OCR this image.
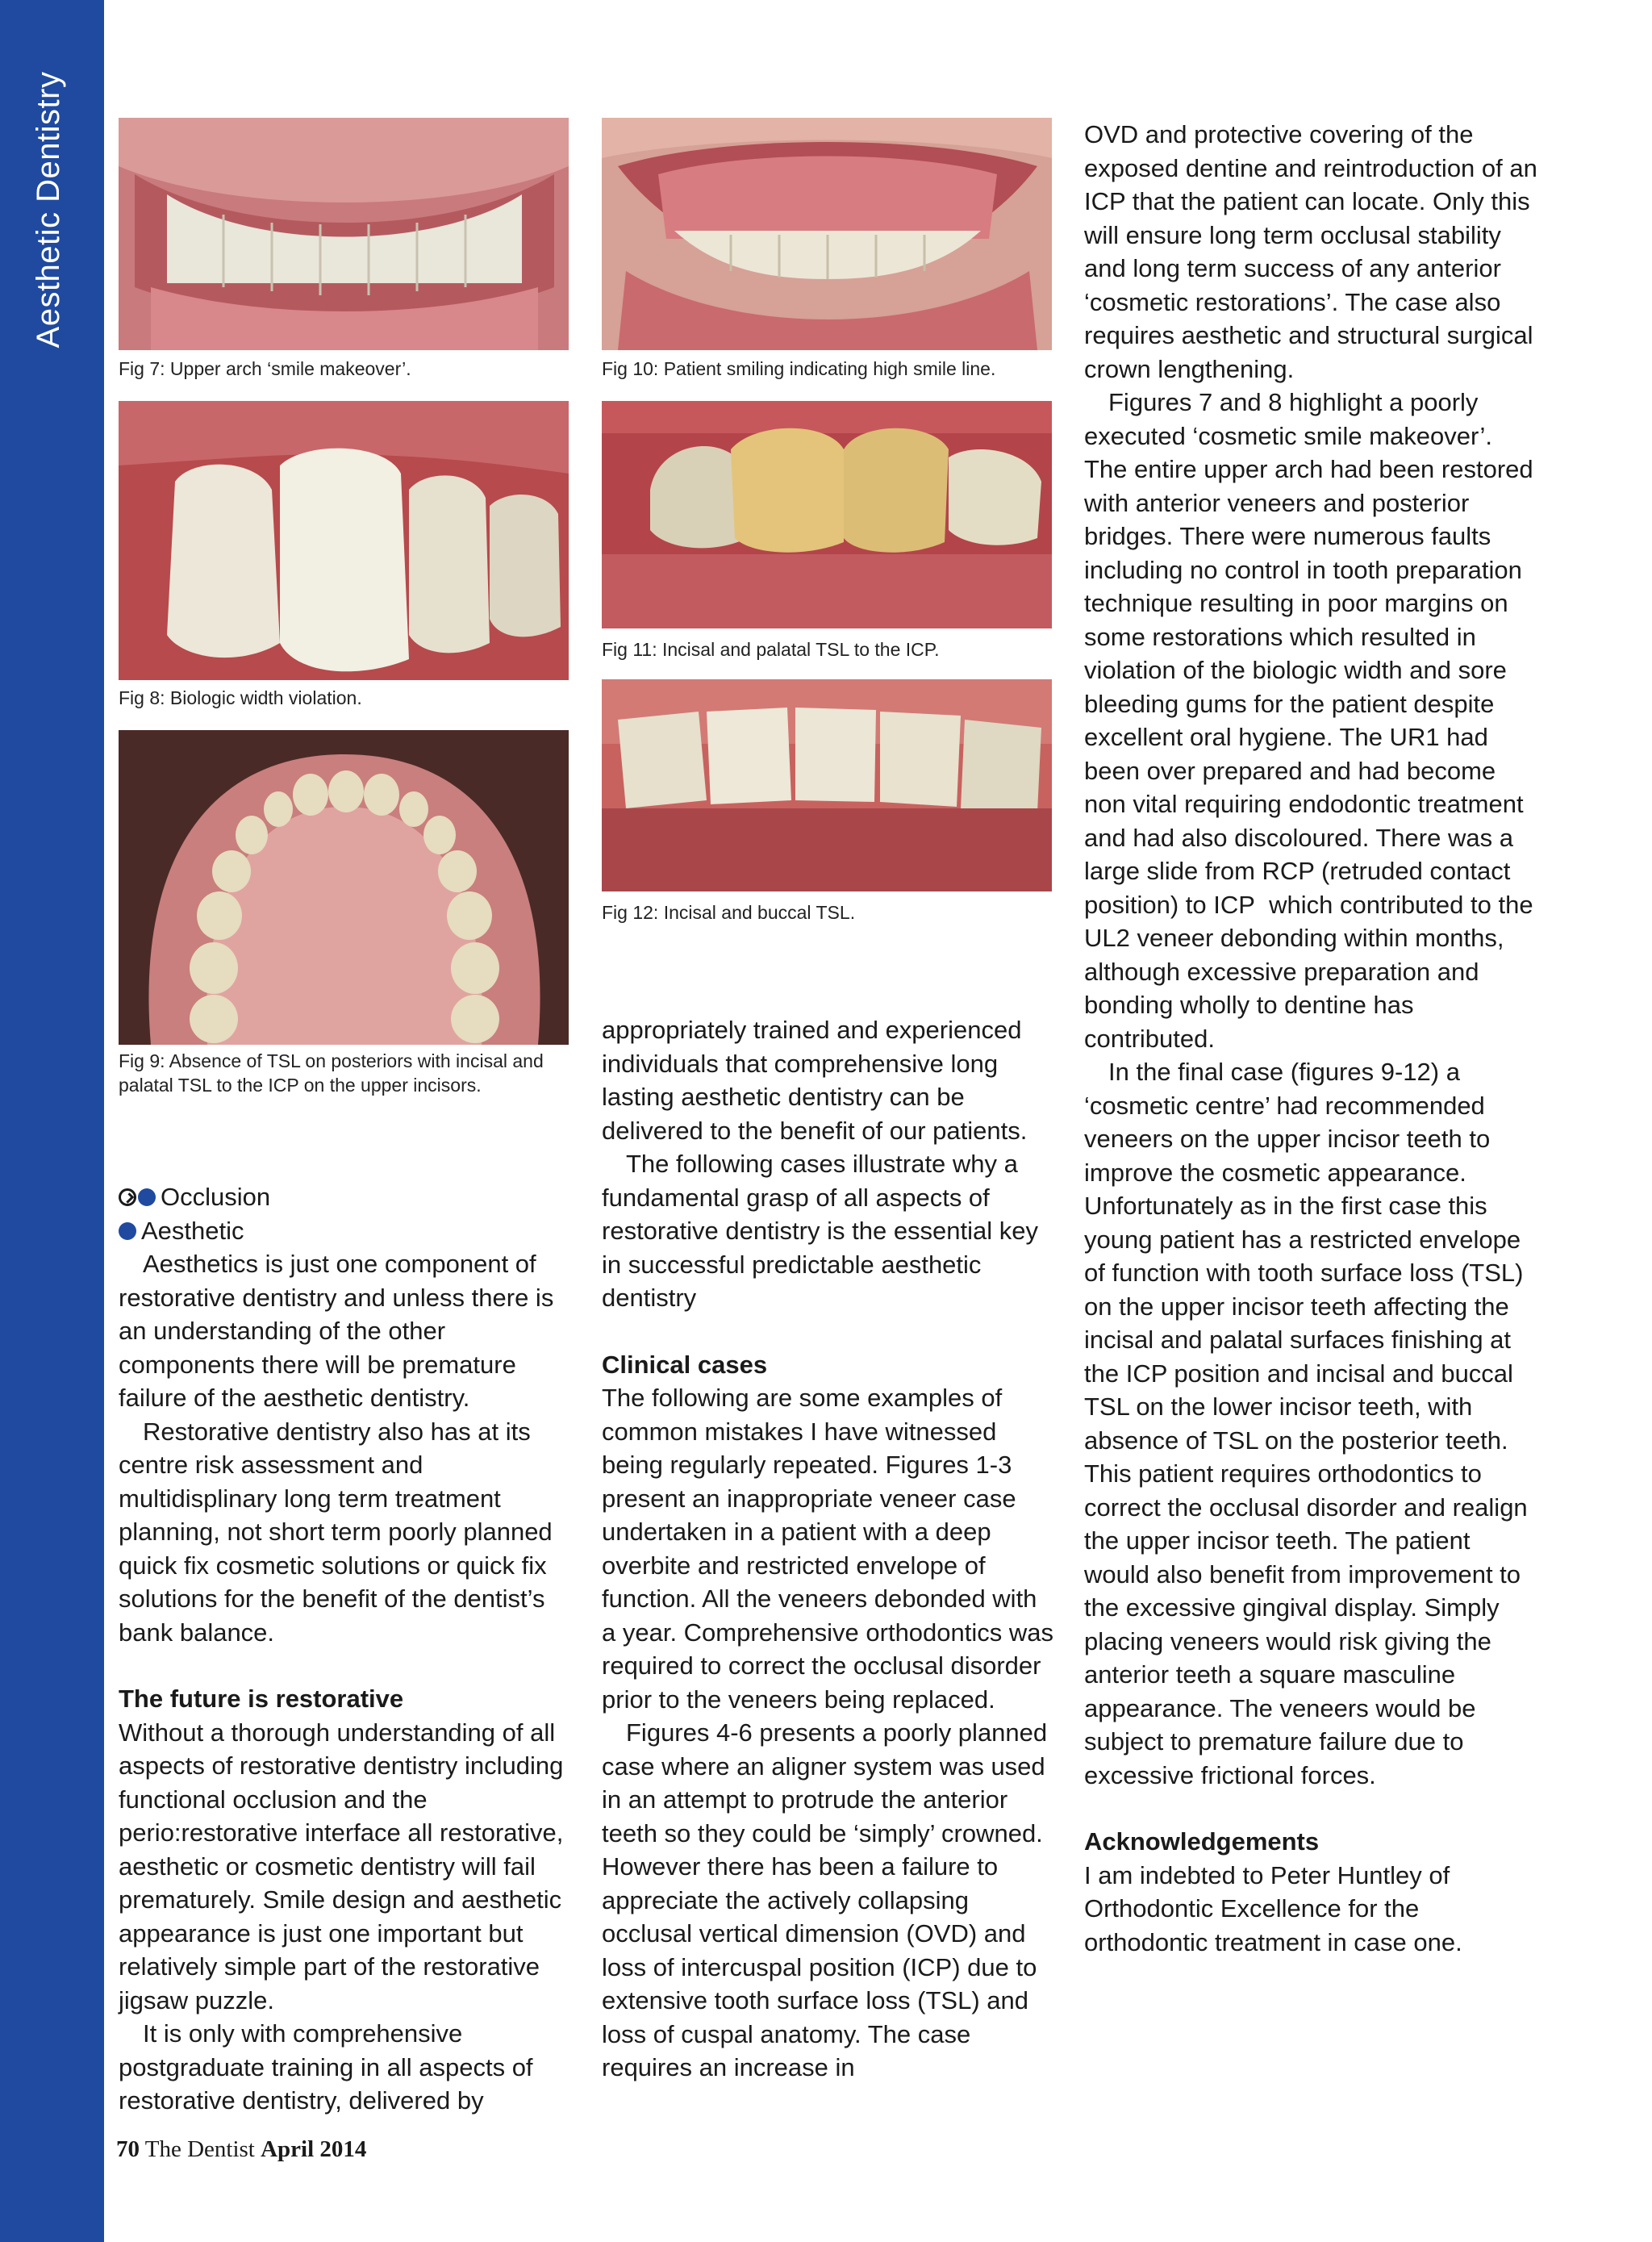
Aesthetic Dentistry
Fig 7: Upper arch ‘smile makeover’.
Fig 8: Biologic width violation.
Fig 9: Absence of TSL on posteriors with incisal and palatal TSL to the ICP on the upper incisors.
Fig 10: Patient smiling indicating high smile line.
Fig 11: Incisal and palatal TSL to the ICP.
Fig 12: Incisal and buccal TSL.

Occlusion

Aesthetic

Aesthetics is just one component of restorative dentistry and unless there is an understanding of the other components there will be premature failure of the aesthetic dentistry.

Restorative dentistry also has at its centre risk assessment and multidisplinary long term treatment planning, not short term poorly planned quick fix cosmetic solutions or quick fix solutions for the benefit of the dentist’s bank balance.

The future is restorative

Without a thorough understanding of all aspects of restorative dentistry including functional occlusion and the perio:restorative interface all restorative, aesthetic or cosmetic dentistry will fail prematurely. Smile design and aesthetic appearance is just one important but relatively simple part of the restorative jigsaw puzzle.

It is only with comprehensive postgraduate training in all aspects of restorative dentistry, delivered by

appropriately trained and experienced individuals that comprehensive long lasting aesthetic dentistry can be delivered to the benefit of our patients.

The following cases illustrate why a fundamental grasp of all aspects of restorative dentistry is the essential key in successful predictable aesthetic dentistry

Clinical cases

The following are some examples of common mistakes I have witnessed being regularly repeated. Figures 1-3 present an inappropriate veneer case undertaken in a patient with a deep overbite and restricted envelope of function. All the veneers debonded with a year. Comprehensive orthodontics was required to correct the occlusal disorder prior to the veneers being replaced.

Figures 4-6 presents a poorly planned case where an aligner system was used in an attempt to protrude the anterior teeth so they could be ‘simply’ crowned. However there has been a failure to appreciate the actively collapsing occlusal vertical dimension (OVD) and loss of intercuspal position (ICP) due to extensive tooth surface loss (TSL) and loss of cuspal anatomy. The case requires an increase in

OVD and protective covering of the exposed dentine and reintroduction of an ICP that the patient can locate. Only this will ensure long term occlusal stability and long term success of any anterior ‘cosmetic restorations’. The case also requires aesthetic and structural surgical crown lengthening.

Figures 7 and 8 highlight a poorly executed ‘cosmetic smile makeover’. The entire upper arch had been restored with anterior veneers and posterior bridges. There were numerous faults including no control in tooth preparation technique resulting in poor margins on some restorations which resulted in violation of the biologic width and sore bleeding gums for the patient despite excellent oral hygiene. The UR1 had been over prepared and had become non vital requiring endodontic treatment and had also discoloured. There was a large slide from RCP (retruded contact position) to ICP  which contributed to the UL2 veneer debonding within months, although excessive preparation and bonding wholly to dentine has contributed.

In the final case (figures 9-12) a ‘cosmetic centre’ had recommended veneers on the upper incisor teeth to improve the cosmetic appearance. Unfortunately as in the first case this young patient has a restricted envelope of function with tooth surface loss (TSL) on the upper incisor teeth affecting the incisal and palatal surfaces finishing at the ICP position and incisal and buccal TSL on the lower incisor teeth, with absence of TSL on the posterior teeth. This patient requires orthodontics to correct the occlusal disorder and realign the upper incisor teeth. The patient would also benefit from improvement to the excessive gingival display. Simply placing veneers would risk giving the anterior teeth a square masculine appearance. The veneers would be subject to premature failure due to excessive frictional forces.

Acknowledgements

I am indebted to Peter Huntley of Orthodontic Excellence for the orthodontic treatment in case one.

70 The Dentist April 2014
